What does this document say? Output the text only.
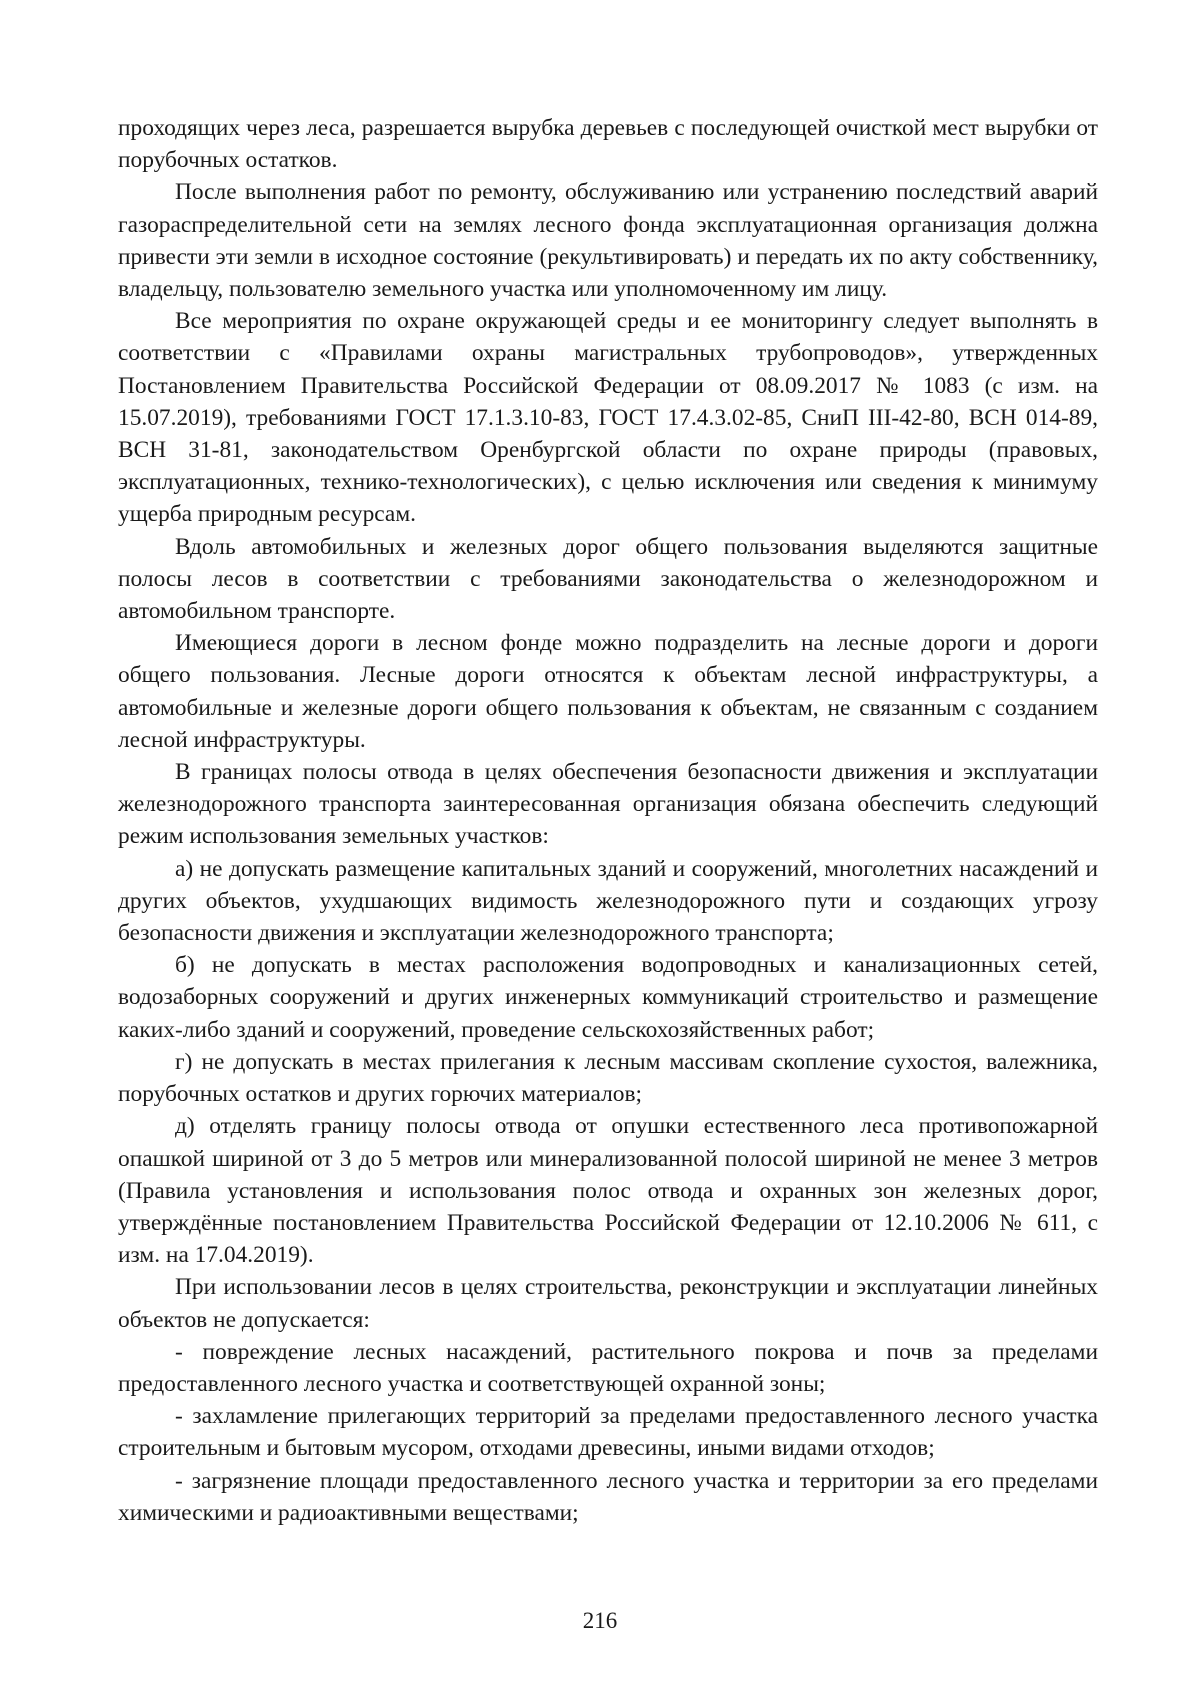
проходящих через леса, разрешается вырубка деревьев с последующей очисткой мест вырубки от порубочных остатков.

После выполнения работ по ремонту, обслуживанию или устранению последствий аварий газораспределительной сети на землях лесного фонда эксплуатационная организация должна привести эти земли в исходное состояние (рекультивировать) и передать их по акту собственнику, владельцу, пользователю земельного участка или уполномоченному им лицу.

Все мероприятия по охране окружающей среды и ее мониторингу следует выполнять в соответствии с «Правилами охраны магистральных трубопроводов», утвержденных Постановлением Правительства Российской Федерации от 08.09.2017 № 1083 (с изм. на 15.07.2019), требованиями ГОСТ 17.1.3.10-83, ГОСТ 17.4.3.02-85, СниП III-42-80, ВСН 014-89, ВСН 31-81, законодательством Оренбургской области по охране природы (правовых, эксплуатационных, технико-технологических), с целью исключения или сведения к минимуму ущерба природным ресурсам.

Вдоль автомобильных и железных дорог общего пользования выделяются защитные полосы лесов в соответствии с требованиями законодательства о железнодорожном и автомобильном транспорте.

Имеющиеся дороги в лесном фонде можно подразделить на лесные дороги и дороги общего пользования. Лесные дороги относятся к объектам лесной инфраструктуры, а автомобильные и железные дороги общего пользования к объектам, не связанным с созданием лесной инфраструктуры.

В границах полосы отвода в целях обеспечения безопасности движения и эксплуатации железнодорожного транспорта заинтересованная организация обязана обеспечить следующий режим использования земельных участков:

а) не допускать размещение капитальных зданий и сооружений, многолетних насаждений и других объектов, ухудшающих видимость железнодорожного пути и создающих угрозу безопасности движения и эксплуатации железнодорожного транспорта;

б) не допускать в местах расположения водопроводных и канализационных сетей, водозаборных сооружений и других инженерных коммуникаций строительство и размещение каких-либо зданий и сооружений, проведение сельскохозяйственных работ;

г) не допускать в местах прилегания к лесным массивам скопление сухостоя, валежника, порубочных остатков и других горючих материалов;

д) отделять границу полосы отвода от опушки естественного леса противопожарной опашкой шириной от 3 до 5 метров или минерализованной полосой шириной не менее 3 метров (Правила установления и использования полос отвода и охранных зон железных дорог, утверждённые постановлением Правительства Российской Федерации от 12.10.2006 № 611, с изм. на 17.04.2019).

При использовании лесов в целях строительства, реконструкции и эксплуатации линейных объектов не допускается:

- повреждение лесных насаждений, растительного покрова и почв за пределами предоставленного лесного участка и соответствующей охранной зоны;

- захламление прилегающих территорий за пределами предоставленного лесного участка строительным и бытовым мусором, отходами древесины, иными видами отходов;

- загрязнение площади предоставленного лесного участка и территории за его пределами химическими и радиоактивными веществами;

216
